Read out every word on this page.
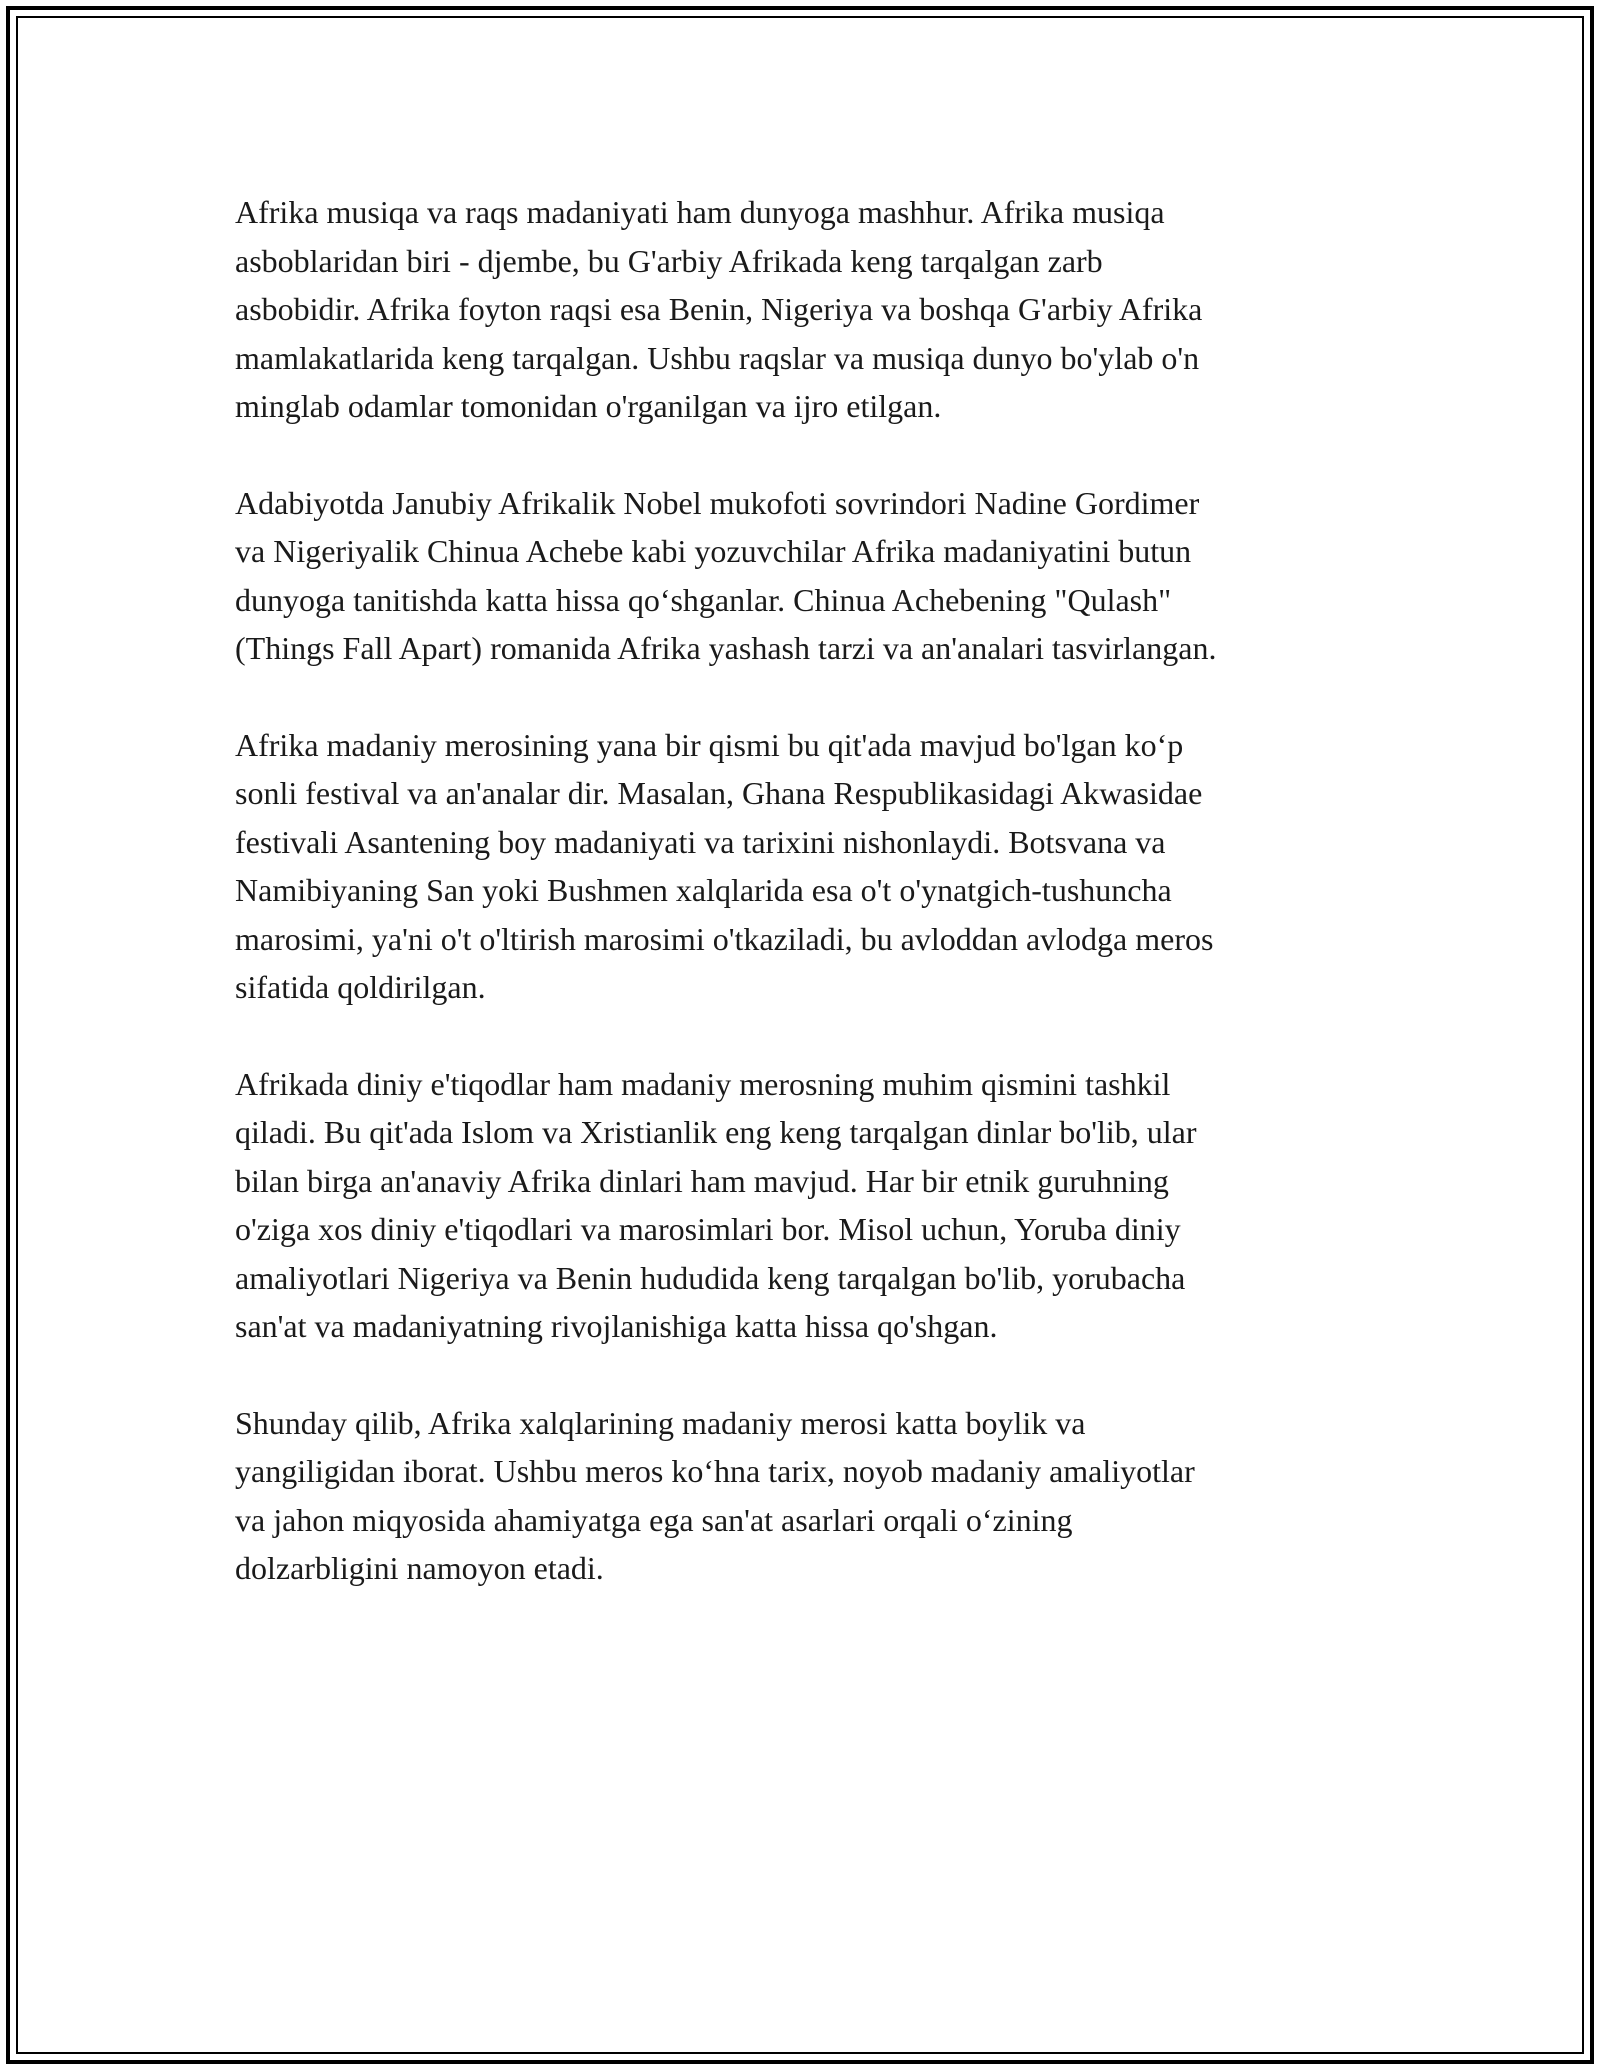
Afrika musiqa va raqs madaniyati ham dunyoga mashhur. Afrika musiqa
asboblaridan biri - djembe, bu G'arbiy Afrikada keng tarqalgan zarb
asbobidir. Afrika foyton raqsi esa Benin, Nigeriya va boshqa G'arbiy Afrika
mamlakatlarida keng tarqalgan. Ushbu raqslar va musiqa dunyo bo'ylab o'n
minglab odamlar tomonidan o'rganilgan va ijro etilgan.

Adabiyotda Janubiy Afrikalik Nobel mukofoti sovrindori Nadine Gordimer
va Nigeriyalik Chinua Achebe kabi yozuvchilar Afrika madaniyatini butun
dunyoga tanitishda katta hissa qo‘shganlar. Chinua Achebening "Qulash"
(Things Fall Apart) romanida Afrika yashash tarzi va an'analari tasvirlangan.

Afrika madaniy merosining yana bir qismi bu qit'ada mavjud bo'lgan ko‘p
sonli festival va an'analar dir. Masalan, Ghana Respublikasidagi Akwasidae
festivali Asantening boy madaniyati va tarixini nishonlaydi. Botsvana va
Namibiyaning San yoki Bushmen xalqlarida esa o't o'ynatgich-tushuncha
marosimi, ya'ni o't o'ltirish marosimi o'tkaziladi, bu avloddan avlodga meros
sifatida qoldirilgan.

Afrikada diniy e'tiqodlar ham madaniy merosning muhim qismini tashkil
qiladi. Bu qit'ada Islom va Xristianlik eng keng tarqalgan dinlar bo'lib, ular
bilan birga an'anaviy Afrika dinlari ham mavjud. Har bir etnik guruhning
o'ziga xos diniy e'tiqodlari va marosimlari bor. Misol uchun, Yoruba diniy
amaliyotlari Nigeriya va Benin hududida keng tarqalgan bo'lib, yorubacha
san'at va madaniyatning rivojlanishiga katta hissa qo'shgan.

Shunday qilib, Afrika xalqlarining madaniy merosi katta boylik va
yangiligidan iborat. Ushbu meros ko‘hna tarix, noyob madaniy amaliyotlar
va jahon miqyosida ahamiyatga ega san'at asarlari orqali o‘zining
dolzarbligini namoyon etadi.
